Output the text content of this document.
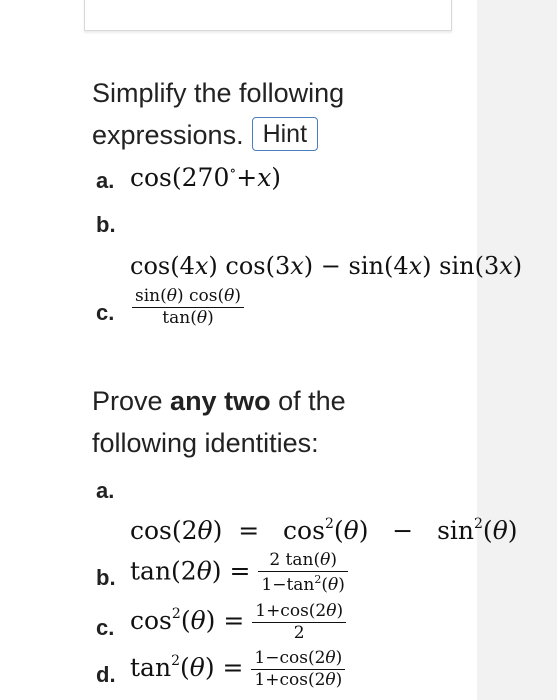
Simplify the following
expressions. Hint
a. cos(270∘+x)
b.
cos(4x) cos(3x) − sin(4x) sin(3x)
c. $\frac{\sin(\theta) \cos(\theta)}{\tan(\theta)}$
Prove any two of the
following identities:
a.
$\cos(2\theta) = \cos^2(\theta) - \sin^2(\theta)$
b. $\tan(2\theta) = \frac{2 \tan(\theta)}{1-\tan^2(\theta)}$
c. $\cos^2(\theta) = \frac{1+\cos(2\theta)}{2}$
d. $\tan^2(\theta) = \frac{1-\cos(2\theta)}{1+\cos(2\theta)}$
